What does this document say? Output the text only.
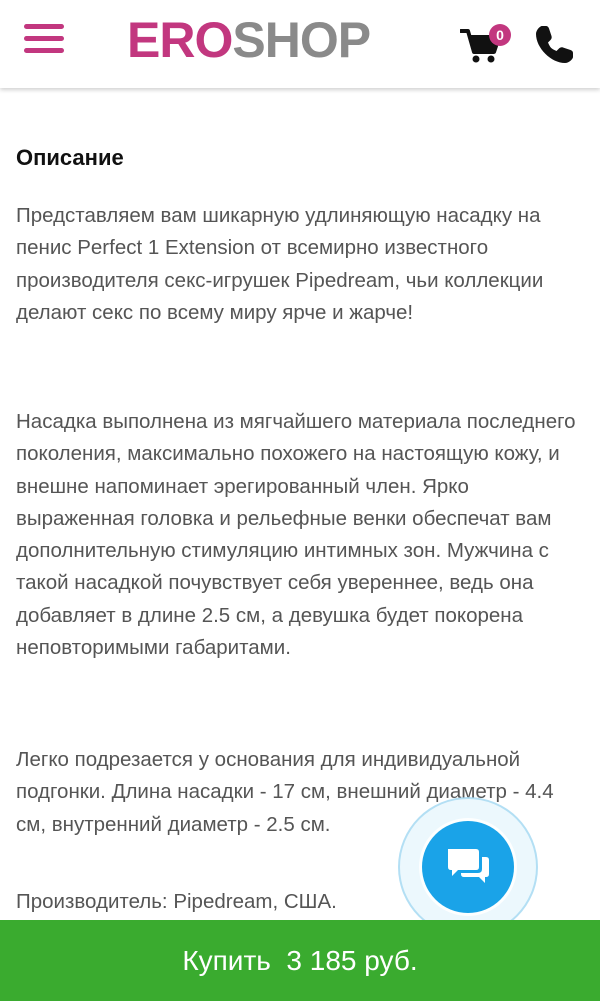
EROSHOP	0
Описание

Представляем вам шикарную удлиняющую насадку на пенис Perfect 1 Extension от всемирно известного производителя секс-игрушек Pipedream, чьи коллекции делают секс по всему миру ярче и жарче!

Насадка выполнена из мягчайшего материала последнего поколения, максимально похожего на настоящую кожу, и внешне напоминает эрегированный член. Ярко выраженная головка и рельефные венки обеспечат вам дополнительную стимуляцию интимных зон. Мужчина с такой насадкой почувствует себя увереннее, ведь она добавляет в длине 2.5 см, а девушка будет покорена неповторимыми габаритами.

Легко подрезается у основания для индивидуальной подгонки. Длина насадки - 17 см, внешний диаметр - 4.4 см, внутренний диаметр - 2.5 см.

Производитель: Pipedream, США.

Купить 3 185 руб.
